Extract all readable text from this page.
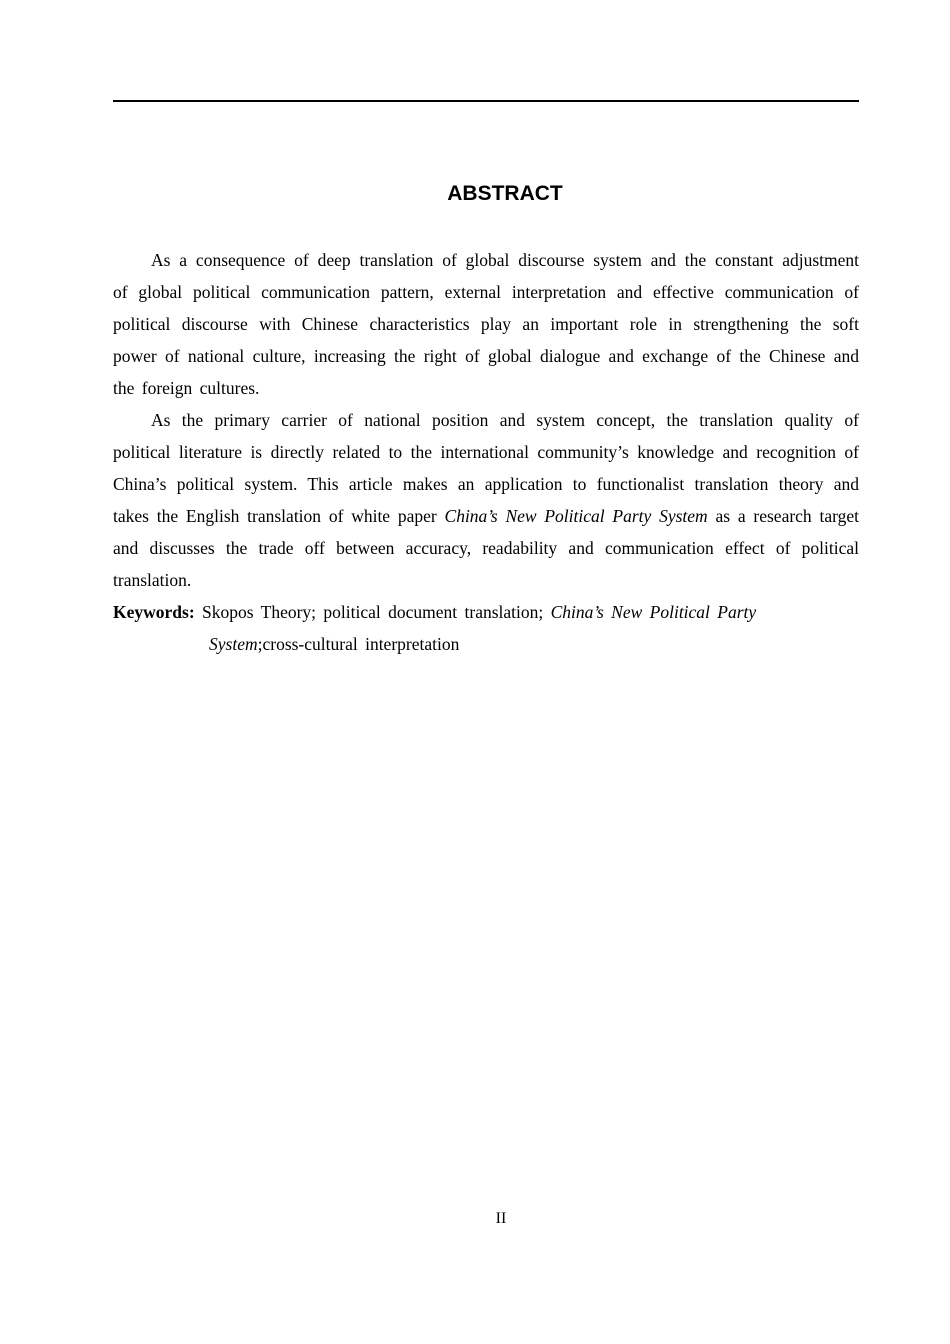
ABSTRACT

As a consequence of deep translation of global discourse system and the constant adjustment of global political communication pattern, external interpretation and effective communication of political discourse with Chinese characteristics play an important role in strengthening the soft power of national culture, increasing the right of global dialogue and exchange of the Chinese and the foreign cultures.

As the primary carrier of national position and system concept, the translation quality of political literature is directly related to the international community’s knowledge and recognition of China’s political system. This article makes an application to functionalist translation theory and takes the English translation of white paper China’s New Political Party System as a research target and discusses the trade off between accuracy, readability and communication effect of political translation.

Keywords: Skopos Theory; political document translation; China’s New Political Party

System;cross-cultural interpretation

II
